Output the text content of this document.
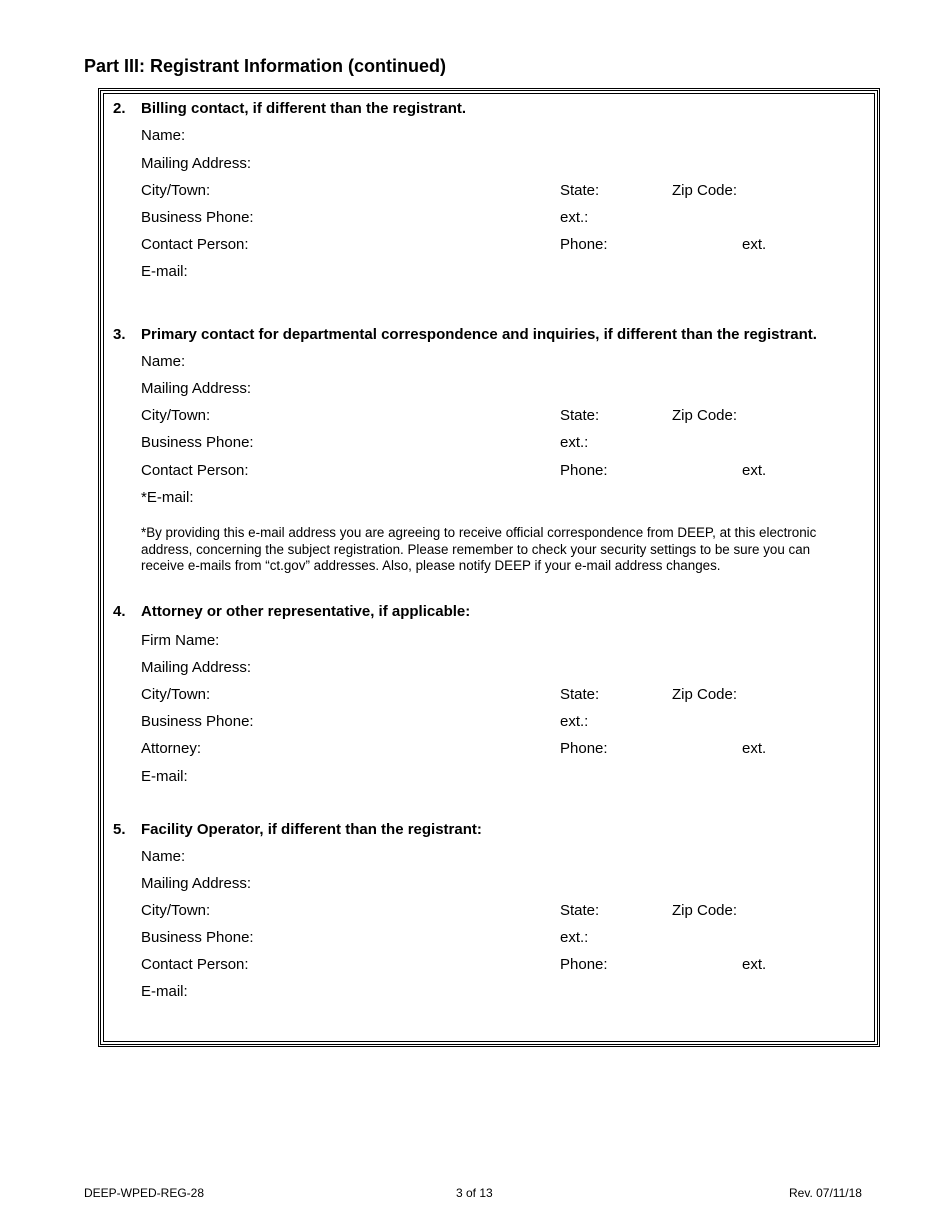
Part III: Registrant Information (continued)
2. Billing contact, if different than the registrant.
Name:
Mailing Address:
City/Town:	State:	Zip Code:
Business Phone:	ext.:
Contact Person:	Phone:	ext.
E-mail:
3. Primary contact for departmental correspondence and inquiries, if different than the registrant.
Name:
Mailing Address:
City/Town:	State:	Zip Code:
Business Phone:	ext.:
Contact Person:	Phone:	ext.
*E-mail:
*By providing this e-mail address you are agreeing to receive official correspondence from DEEP, at this electronic address, concerning the subject registration. Please remember to check your security settings to be sure you can receive e-mails from “ct.gov” addresses. Also, please notify DEEP if your e-mail address changes.
4. Attorney or other representative, if applicable:
Firm Name:
Mailing Address:
City/Town:	State:	Zip Code:
Business Phone:	ext.:
Attorney:	Phone:	ext.
E-mail:
5. Facility Operator, if different than the registrant:
Name:
Mailing Address:
City/Town:	State:	Zip Code:
Business Phone:	ext.:
Contact Person:	Phone:	ext.
E-mail:
DEEP-WPED-REG-28	3 of 13	Rev. 07/11/18
